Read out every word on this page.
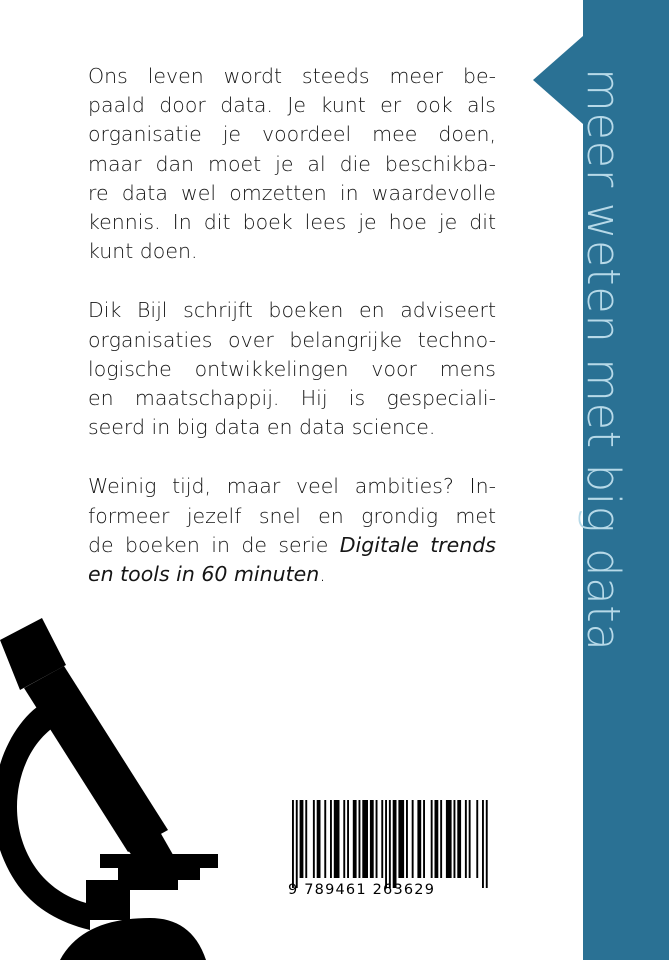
meer weten met big data

Ons leven wordt steeds meer be-
paald door data. Je kunt er ook als
organisatie je voordeel mee doen,
maar dan moet je al die beschikba-
re data wel omzetten in waardevolle
kennis. In dit boek lees je hoe je dit
kunt doen.

Dik Bijl schrijft boeken en adviseert
organisaties over belangrijke techno-
logische ontwikkelingen voor mens
en maatschappij. Hij is gespeciali-
seerd in big data en data science.

Weinig tijd, maar veel ambities? In-
formeer jezelf snel en grondig met
de boeken in de serie Digitale trends
en tools in 60 minuten.

9 789461 263629
